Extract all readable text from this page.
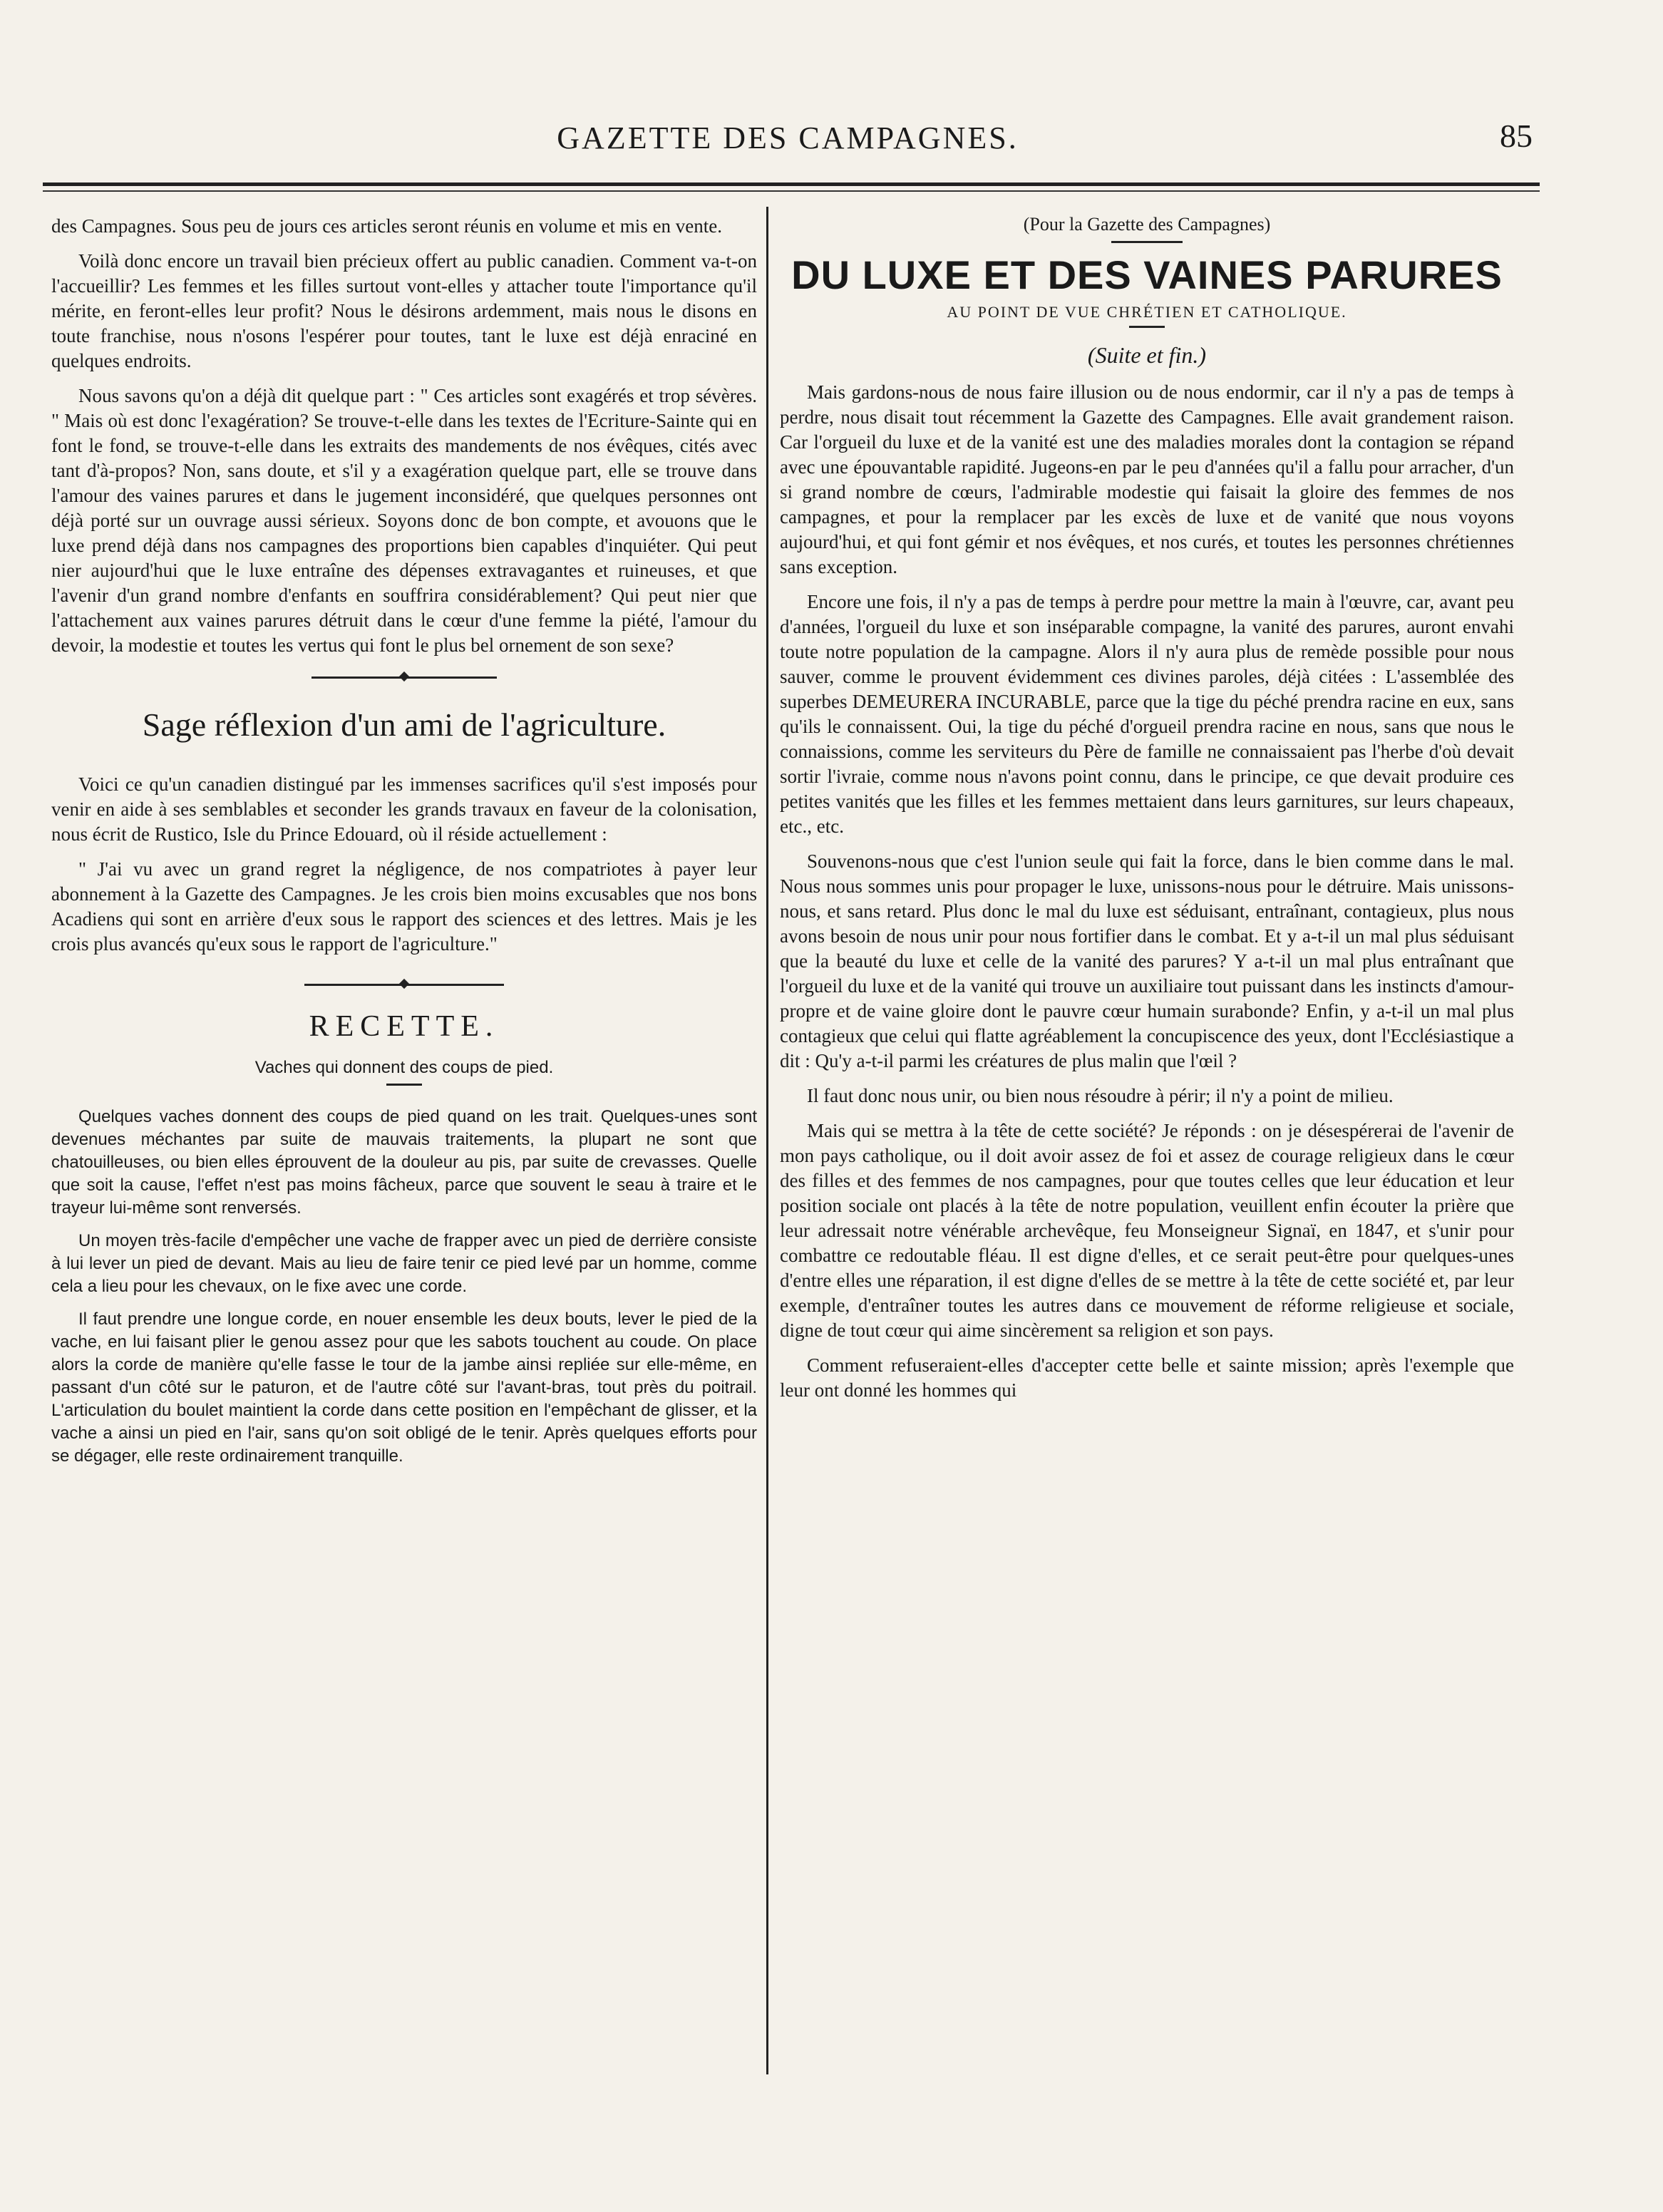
GAZETTE DES CAMPAGNES.	85

des Campagnes. Sous peu de jours ces articles seront réunis en volume et mis en vente.

Voilà donc encore un travail bien précieux offert au public canadien. Comment va-t-on l'accueillir? Les femmes et les filles surtout vont-elles y attacher toute l'importance qu'il mérite, en feront-elles leur profit? Nous le désirons ardemment, mais nous le disons en toute franchise, nous n'osons l'espérer pour toutes, tant le luxe est déjà enraciné en quelques endroits.

Nous savons qu'on a déjà dit quelque part : " Ces articles sont exagérés et trop sévères. " Mais où est donc l'exagération? Se trouve-t-elle dans les textes de l'Ecriture-Sainte qui en font le fond, se trouve-t-elle dans les extraits des mandements de nos évêques, cités avec tant d'à-propos? Non, sans doute, et s'il y a exagération quelque part, elle se trouve dans l'amour des vaines parures et dans le jugement inconsidéré, que quelques personnes ont déjà porté sur un ouvrage aussi sérieux. Soyons donc de bon compte, et avouons que le luxe prend déjà dans nos campagnes des proportions bien capables d'inquiéter. Qui peut nier aujourd'hui que le luxe entraîne des dépenses extravagantes et ruineuses, et que l'avenir d'un grand nombre d'enfants en souffrira considérablement? Qui peut nier que l'attachement aux vaines parures détruit dans le cœur d'une femme la piété, l'amour du devoir, la modestie et toutes les vertus qui font le plus bel ornement de son sexe?

Sage réflexion d'un ami de l'agriculture.

Voici ce qu'un canadien distingué par les immenses sacrifices qu'il s'est imposés pour venir en aide à ses semblables et seconder les grands travaux en faveur de la colonisation, nous écrit de Rustico, Isle du Prince Edouard, où il réside actuellement :

" J'ai vu avec un grand regret la négligence, de nos compatriotes à payer leur abonnement à la Gazette des Campagnes. Je les crois bien moins excusables que nos bons Acadiens qui sont en arrière d'eux sous le rapport des sciences et des lettres. Mais je les crois plus avancés qu'eux sous le rapport de l'agriculture."

RECETTE.
Vaches qui donnent des coups de pied.

Quelques vaches donnent des coups de pied quand on les trait. Quelques-unes sont devenues méchantes par suite de mauvais traitements, la plupart ne sont que chatouilleuses, ou bien elles éprouvent de la douleur au pis, par suite de crevasses. Quelle que soit la cause, l'effet n'est pas moins fâcheux, parce que souvent le seau à traire et le trayeur lui-même sont renversés.

Un moyen très-facile d'empêcher une vache de frapper avec un pied de derrière consiste à lui lever un pied de devant. Mais au lieu de faire tenir ce pied levé par un homme, comme cela a lieu pour les chevaux, on le fixe avec une corde.

Il faut prendre une longue corde, en nouer ensemble les deux bouts, lever le pied de la vache, en lui faisant plier le genou assez pour que les sabots touchent au coude. On place alors la corde de manière qu'elle fasse le tour de la jambe ainsi repliée sur elle-même, en passant d'un côté sur le paturon, et de l'autre côté sur l'avant-bras, tout près du poitrail. L'articulation du boulet maintient la corde dans cette position en l'empêchant de glisser, et la vache a ainsi un pied en l'air, sans qu'on soit obligé de le tenir. Après quelques efforts pour se dégager, elle reste ordinairement tranquille.

(Pour la Gazette des Campagnes)
DU LUXE ET DES VAINES PARURES
AU POINT DE VUE CHRÉTIEN ET CATHOLIQUE.
(Suite et fin.)

Mais gardons-nous de nous faire illusion ou de nous endormir, car il n'y a pas de temps à perdre, nous disait tout récemment la Gazette des Campagnes. Elle avait grandement raison. Car l'orgueil du luxe et de la vanité est une des maladies morales dont la contagion se répand avec une épouvantable rapidité. Jugeons-en par le peu d'années qu'il a fallu pour arracher, d'un si grand nombre de cœurs, l'admirable modestie qui faisait la gloire des femmes de nos campagnes, et pour la remplacer par les excès de luxe et de vanité que nous voyons aujourd'hui, et qui font gémir et nos évêques, et nos curés, et toutes les personnes chrétiennes sans exception.

Encore une fois, il n'y a pas de temps à perdre pour mettre la main à l'œuvre, car, avant peu d'années, l'orgueil du luxe et son inséparable compagne, la vanité des parures, auront envahi toute notre population de la campagne. Alors il n'y aura plus de remède possible pour nous sauver, comme le prouvent évidemment ces divines paroles, déjà citées : L'assemblée des superbes DEMEURERA INCURABLE, parce que la tige du péché prendra racine en eux, sans qu'ils le connaissent. Oui, la tige du péché d'orgueil prendra racine en nous, sans que nous le connaissions, comme les serviteurs du Père de famille ne connaissaient pas l'herbe d'où devait sortir l'ivraie, comme nous n'avons point connu, dans le principe, ce que devait produire ces petites vanités que les filles et les femmes mettaient dans leurs garnitures, sur leurs chapeaux, etc., etc.

Souvenons-nous que c'est l'union seule qui fait la force, dans le bien comme dans le mal. Nous nous sommes unis pour propager le luxe, unissons-nous pour le détruire. Mais unissons-nous, et sans retard. Plus donc le mal du luxe est séduisant, entraînant, contagieux, plus nous avons besoin de nous unir pour nous fortifier dans le combat. Et y a-t-il un mal plus séduisant que la beauté du luxe et celle de la vanité des parures? Y a-t-il un mal plus entraînant que l'orgueil du luxe et de la vanité qui trouve un auxiliaire tout puissant dans les instincts d'amour-propre et de vaine gloire dont le pauvre cœur humain surabonde? Enfin, y a-t-il un mal plus contagieux que celui qui flatte agréablement la concupiscence des yeux, dont l'Ecclésiastique a dit : Qu'y a-t-il parmi les créatures de plus malin que l'œil ?

Il faut donc nous unir, ou bien nous résoudre à périr; il n'y a point de milieu.

Mais qui se mettra à la tête de cette société? Je réponds : on je désespérerai de l'avenir de mon pays catholique, ou il doit avoir assez de foi et assez de courage religieux dans le cœur des filles et des femmes de nos campagnes, pour que toutes celles que leur éducation et leur position sociale ont placés à la tête de notre population, veuillent enfin écouter la prière que leur adressait notre vénérable archevêque, feu Monseigneur Signaï, en 1847, et s'unir pour combattre ce redoutable fléau. Il est digne d'elles, et ce serait peut-être pour quelques-unes d'entre elles une réparation, il est digne d'elles de se mettre à la tête de cette société et, par leur exemple, d'entraîner toutes les autres dans ce mouvement de réforme religieuse et sociale, digne de tout cœur qui aime sincèrement sa religion et son pays.

Comment refuseraient-elles d'accepter cette belle et sainte mission; après l'exemple que leur ont donné les hommes qui
